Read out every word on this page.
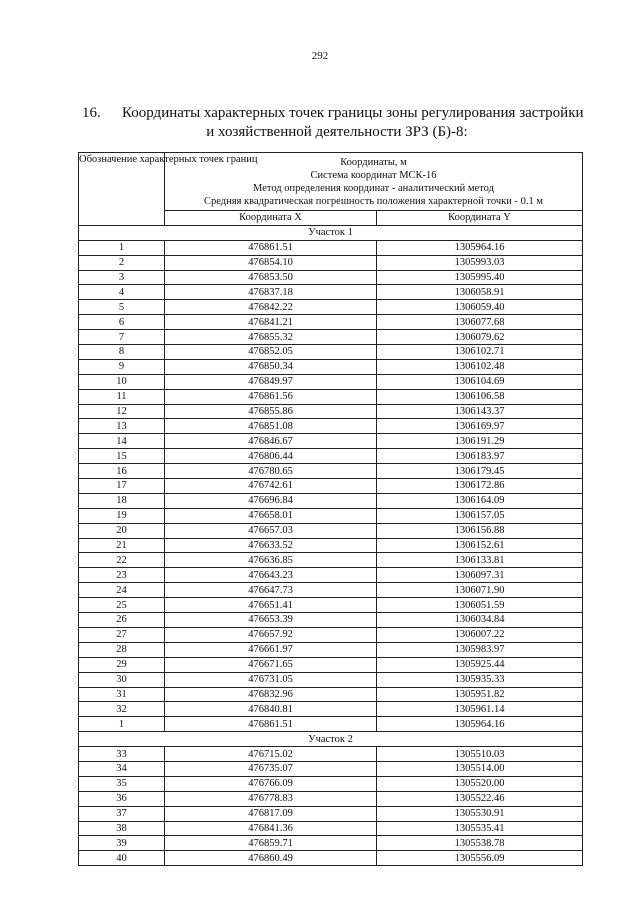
292
16. Координаты характерных точек границы зоны регулирования застройки
и хозяйственной деятельности ЗРЗ (Б)-8:
Обозначение характерных точек границ	Координаты, м
Система координат МСК-16
Метод определения координат - аналитический метод
Средняя квадратическая погрешность положения характерной точки - 0.1 м	

	Координата X	Координата Y
Участок 1		
1	476861.51	1305964.16
2	476854.10	1305993.03
3	476853.50	1305995.40
4	476837.18	1306058.91
5	476842.22	1306059.40
6	476841.21	1306077.68
7	476855.32	1306079.62
8	476852.05	1306102.71
9	476850.34	1306102.48
10	476849.97	1306104.69
11	476861.56	1306106.58
12	476855.86	1306143.37
13	476851.08	1306169.97
14	476846.67	1306191.29
15	476806.44	1306183.97
16	476780.65	1306179.45
17	476742.61	1306172.86
18	476696.84	1306164.09
19	476658.01	1306157.05
20	476657.03	1306156.88
21	476633.52	1306152.61
22	476636.85	1306133.81
23	476643.23	1306097.31
24	476647.73	1306071.90
25	476651.41	1306051.59
26	476653.39	1306034.84
27	476657.92	1306007.22
28	476661.97	1305983.97
29	476671.65	1305925.44
30	476731.05	1305935.33
31	476832.96	1305951.82
32	476840.81	1305961.14
1	476861.51	1305964.16
Участок 2		
33	476715.02	1305510.03
34	476735.07	1305514.00
35	476766.09	1305520.00
36	476778.83	1305522.46
37	476817.09	1305530.91
38	476841.36	1305535.41
39	476859.71	1305538.78
40	476860.49	1305556.09
